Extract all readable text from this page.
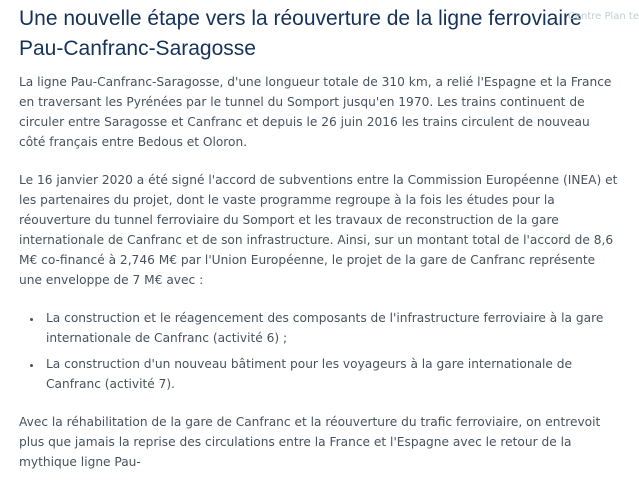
Une nouvelle étape vers la réouverture de la ligne ferroviaire Pau-Canfranc-Saragosse
Centre Plan te

La ligne Pau-Canfranc-Saragosse, d'une longueur totale de 310 km, a relié l'Espagne et la France en traversant les Pyrénées par le tunnel du Somport jusqu'en 1970. Les trains continuent de circuler entre Saragosse et Canfranc et depuis le 26 juin 2016 les trains circulent de nouveau côté français entre Bedous et Oloron.

Le 16 janvier 2020 a été signé l'accord de subventions entre la Commission Européenne (INEA) et les partenaires du projet, dont le vaste programme regroupe à la fois les études pour la réouverture du tunnel ferroviaire du Somport et les travaux de reconstruction de la gare internationale de Canfranc et de son infrastructure. Ainsi, sur un montant total de l'accord de 8,6 M€ co-financé à 2,746 M€ par l'Union Européenne, le projet de la gare de Canfranc représente une enveloppe de 7 M€ avec :

• La construction et le réagencement des composants de l'infrastructure ferroviaire à la gare internationale de Canfranc (activité 6) ;
• La construction d'un nouveau bâtiment pour les voyageurs à la gare internationale de Canfranc (activité 7).

Avec la réhabilitation de la gare de Canfranc et la réouverture du trafic ferroviaire, on entrevoit plus que jamais la reprise des circulations entre la France et l'Espagne avec le retour de la mythique ligne Pau-
